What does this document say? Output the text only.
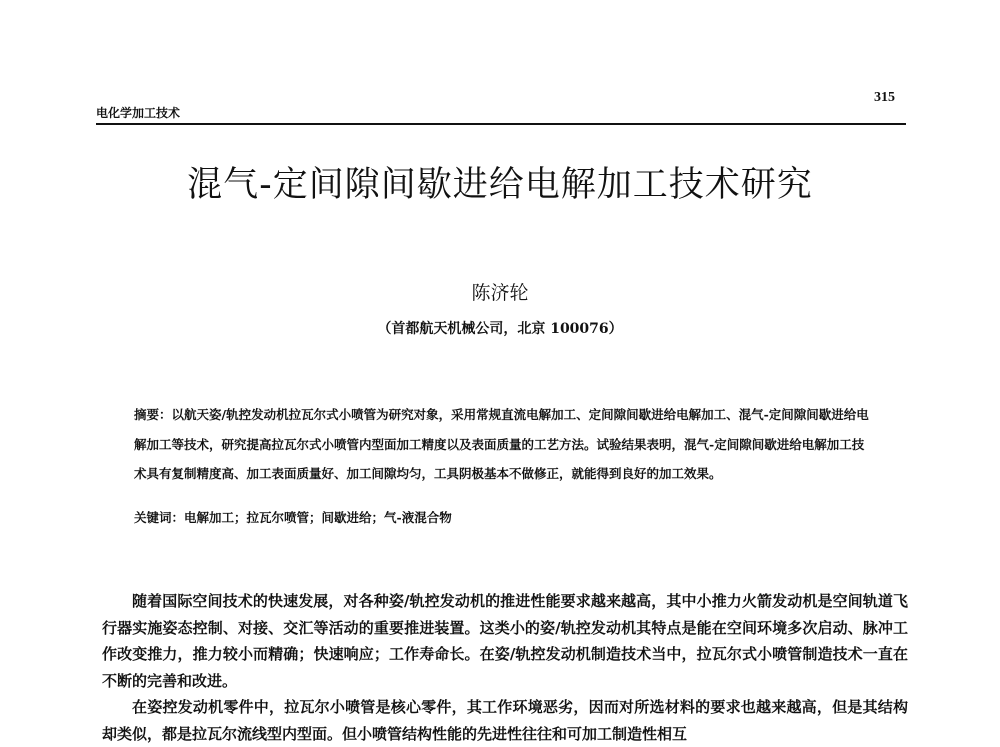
315
电化学加工技术
混气-定间隙间歇进给电解加工技术研究
陈济轮
（首都航天机械公司，北京 100076）
摘要：以航天姿/轨控发动机拉瓦尔式小喷管为研究对象，采用常规直流电解加工、定间隙间歇进给电解加工、混气-定间隙间歇进给电解加工等技术，研究提高拉瓦尔式小喷管内型面加工精度以及表面质量的工艺方法。试验结果表明，混气-定间隙间歇进给电解加工技术具有复制精度高、加工表面质量好、加工间隙均匀，工具阴极基本不做修正，就能得到良好的加工效果。
关键词：电解加工；拉瓦尔喷管；间歇进给；气-液混合物

随着国际空间技术的快速发展，对各种姿/轨控发动机的推进性能要求越来越高，其中小推力火箭发动机是空间轨道飞行器实施姿态控制、对接、交汇等活动的重要推进装置。这类小的姿/轨控发动机其特点是能在空间环境多次启动、脉冲工作改变推力，推力较小而精确；快速响应；工作寿命长。在姿/轨控发动机制造技术当中，拉瓦尔式小喷管制造技术一直在不断的完善和改进。

在姿控发动机零件中，拉瓦尔小喷管是核心零件，其工作环境恶劣，因而对所选材料的要求也越来越高，但是其结构却类似，都是拉瓦尔流线型内型面。但小喷管结构性能的先进性往往和可加工制造性相互
